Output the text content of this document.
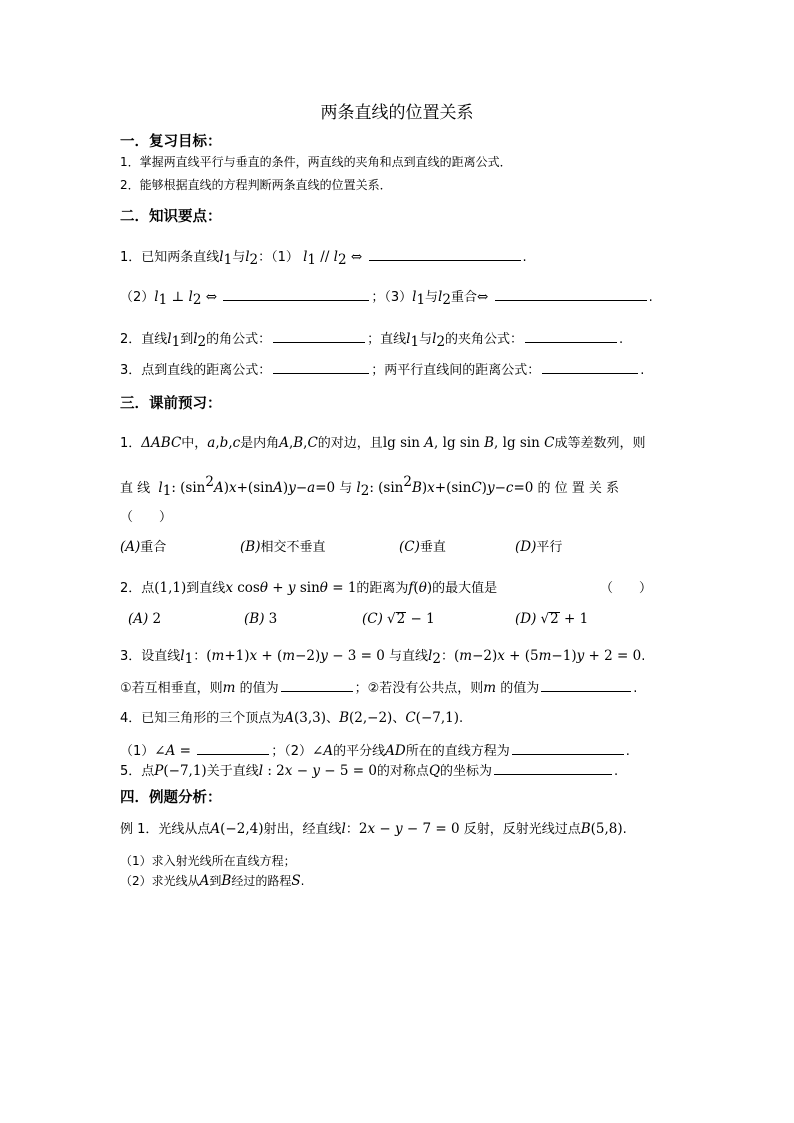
两条直线的位置关系
一．复习目标：
1．掌握两直线平行与垂直的条件，两直线的夹角和点到直线的距离公式．
2．能够根据直线的方程判断两条直线的位置关系．
二．知识要点：
1．已知两条直线$l_1$与$l_2$：（1） $l_1 // l_2$ ⇔	.
$(2)l_1$ ⊥ $l_2$ ⇔	；$(3)l_1$与$l_2$重合⇔	.
2．直线$l_1$到$l_2$的角公式：	；直线$l_1$与$l_2$的夹角公式：	.
3．点到直线的距离公式：	；两平行直线间的距离公式：	.
三．课前预习：
1．ΔABC中，a,b,c是内角A,B,C的对边，且lg sin A, lg sin B, lg sin C成等差数列，则
直 线 $l_1$: $(\sin^2A)x+(\sin A)y-a=0$ 与 $l_2$: $(\sin^2B)x+(\sin C)y-c=0$ 的 位 置 关 系
（　　）
(A)重合	(B)相交不垂直	(C)垂直	(D)平行
2．点(1,1)到直线x cosθ + y sinθ = 1的距离为f(θ)的最大值是	（　　）
(A) 2	(B) 3	(C) √2 − 1	(D) √2 + 1
3．设直线$l_1$：(m+1)x + (m−2)y − 3 = 0 与直线$l_2$：(m−2)x + (5m−1)y + 2 = 0.
①若互相垂直，则m 的值为	；②若没有公共点，则m 的值为	.
4．已知三角形的三个顶点为A(3,3)、B(2,−2)、C(−7,1).
（1）∠A =	；（2）∠A的平分线AD所在的直线方程为	.
5．点P(−7,1)关于直线l : 2x − y − 5 = 0的对称点Q的坐标为	.
四．例题分析：
例 1．光线从点A(−2,4)射出，经直线l：2x − y − 7 = 0 反射，反射光线过点B(5,8).
（1）求入射光线所在直线方程；
（2）求光线从A到B经过的路程S.
